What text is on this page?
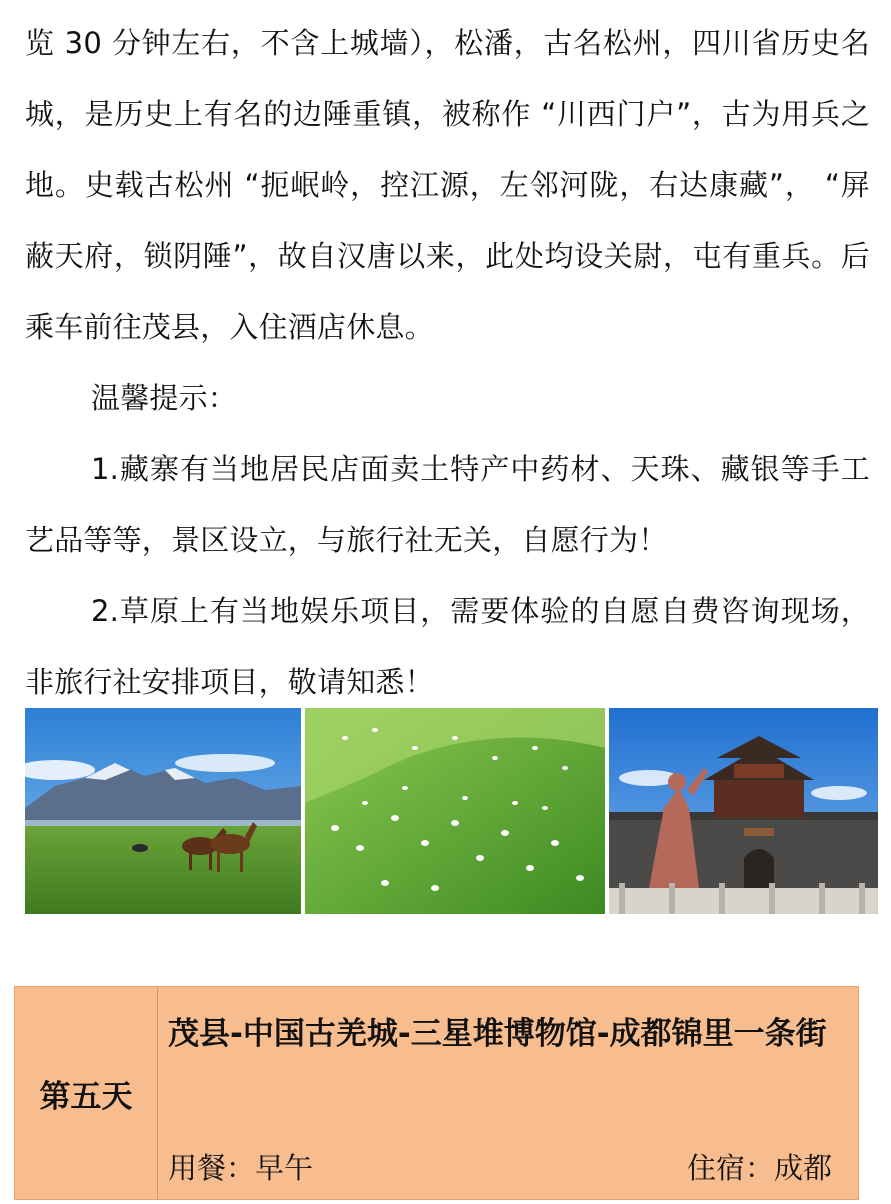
览 30 分钟左右，不含上城墙），松潘，古名松州，四川省历史名城，是历史上有名的边陲重镇，被称作 “川西门户”，古为用兵之地。史载古松州 “扼岷岭，控江源，左邻河陇，右达康藏”， “屏蔽天府，锁阴陲”，故自汉唐以来，此处均设关尉，屯有重兵。后乘车前往茂县，入住酒店休息。

温馨提示：

1.藏寨有当地居民店面卖土特产中药材、天珠、藏银等手工艺品等等，景区设立，与旅行社无关，自愿行为！

2.草原上有当地娱乐项目，需要体验的自愿自费咨询现场，非旅行社安排项目，敬请知悉！

第五天

茂县-中国古羌城-三星堆博物馆-成都锦里一条街

用餐：早午	住宿：成都
